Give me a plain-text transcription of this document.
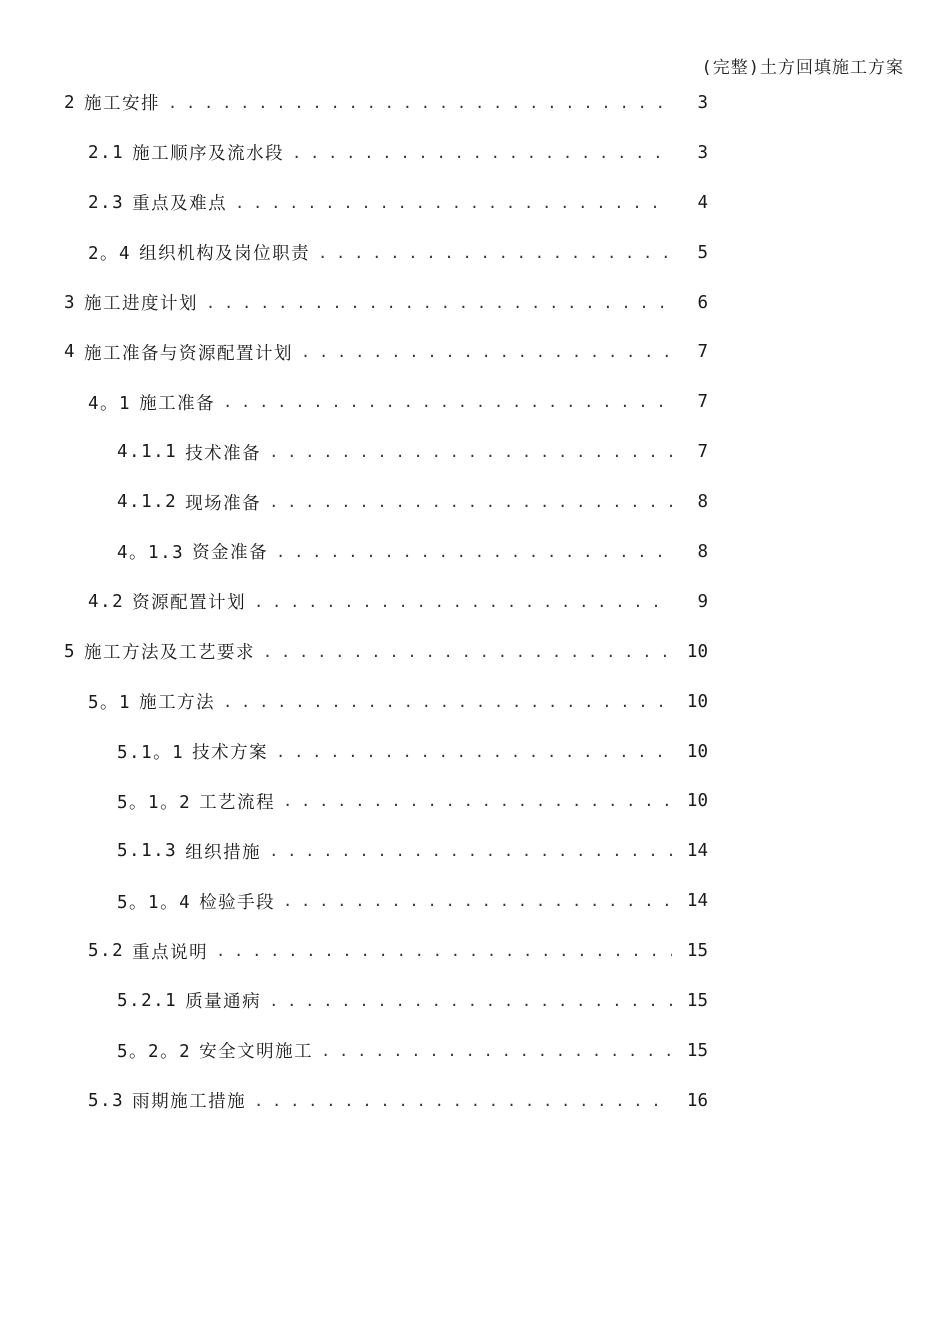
(完整)土方回填施工方案
2 施工安排 . . .	3
2.1 施工顺序及流水段 . . .	3
2.3 重点及难点 . . .	4
2。4 组织机构及岗位职责 . . .	5
3 施工进度计划 . . .	6
4 施工准备与资源配置计划 . . .	7
4。1 施工准备 . . .	7
4.1.1 技术准备 . . .	7
4.1.2 现场准备 . . .	8
4。1.3 资金准备 . . .	8
4.2 资源配置计划 . . .	9
5 施工方法及工艺要求 . . .	10
5。1 施工方法 . . .	10
5.1。1 技术方案 . . .	10
5。1。2 工艺流程 . . .	10
5.1.3 组织措施 . . .	14
5。1。4 检验手段 . . .	14
5.2 重点说明 . . .	15
5.2.1 质量通病 . . .	15
5。2。2 安全文明施工 . . .	15
5.3 雨期施工措施 . . .	16
